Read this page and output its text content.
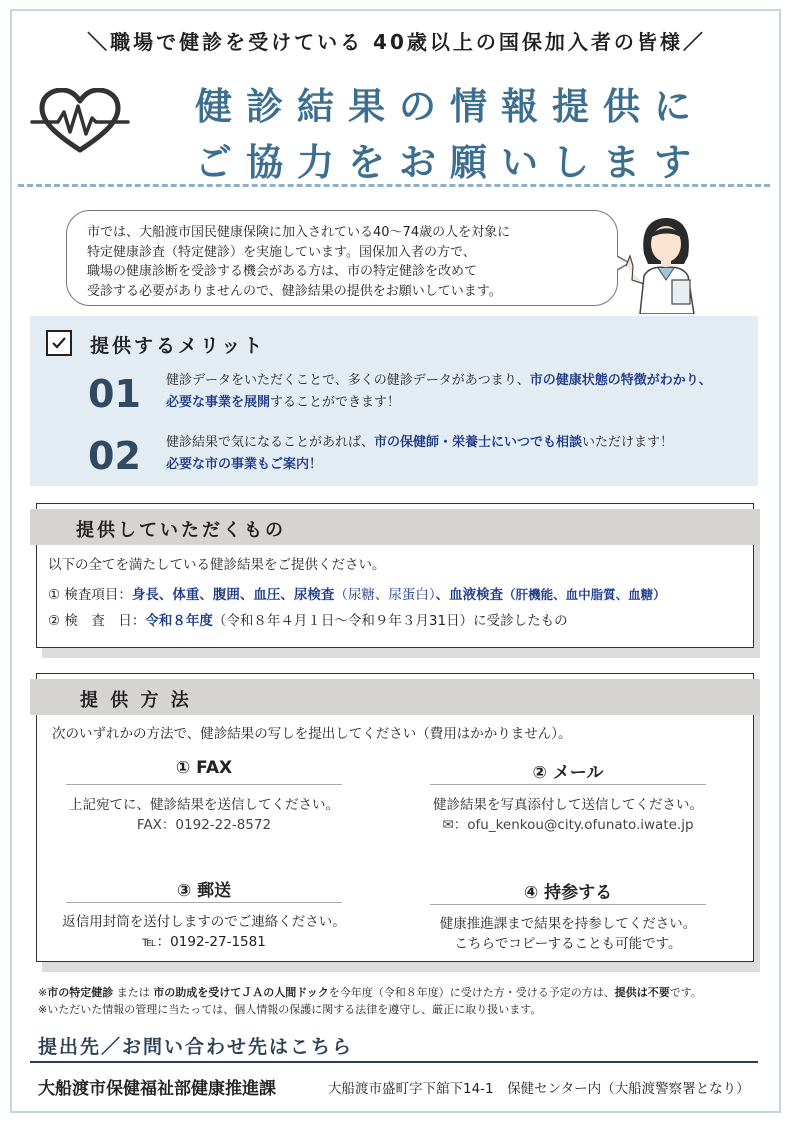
＼職場で健診を受けている 40歳以上の国保加入者の皆様／
健診結果の情報提供に
ご協力をお願いします
市では、大船渡市国民健康保険に加入されている40～74歳の人を対象に
特定健康診査（特定健診）を実施しています。国保加入者の方で、
職場の健康診断を受診する機会がある方は、市の特定健診を改めて
受診する必要がありませんので、健診結果の提供をお願いしています。
提供するメリット
01 健診データをいただくことで、多くの健診データがあつまり、市の健康状態の特徴がわかり、
必要な事業を展開することができます！
02 健診結果で気になることがあれば、市の保健師・栄養士にいつでも相談いただけます！
必要な市の事業もご案内！
提供していただくもの
以下の全てを満たしている健診結果をご提供ください。
① 検査項目：身長、体重、腹囲、血圧、尿検査（尿糖、尿蛋白）、血液検査（肝機能、血中脂質、血糖）
② 検　査　日：令和８年度（令和８年４月１日～令和９年３月31日）に受診したもの
提 供 方 法
次のいずれかの方法で、健診結果の写しを提出してください（費用はかかりません）。
① FAX
上記宛てに、健診結果を送信してください。
FAX：0192-22-8572
② メール
健診結果を写真添付して送信してください。
✉：ofu_kenkou@city.ofunato.iwate.jp
③ 郵送
返信用封筒を送付しますのでご連絡ください。
℡：0192-27-1581
④ 持参する
健康推進課まで結果を持参してください。
こちらでコピーすることも可能です。
※市の特定健診 または 市の助成を受けてＪＡの人間ドックを今年度（令和８年度）に受けた方・受ける予定の方は、提供は不要です。
※いただいた情報の管理に当たっては、個人情報の保護に関する法律を遵守し、厳正に取り扱います。
提出先／お問い合わせ先はこちら
大船渡市保健福祉部健康推進課	大船渡市盛町字下舘下14-1　保健センター内（大船渡警察署となり）
